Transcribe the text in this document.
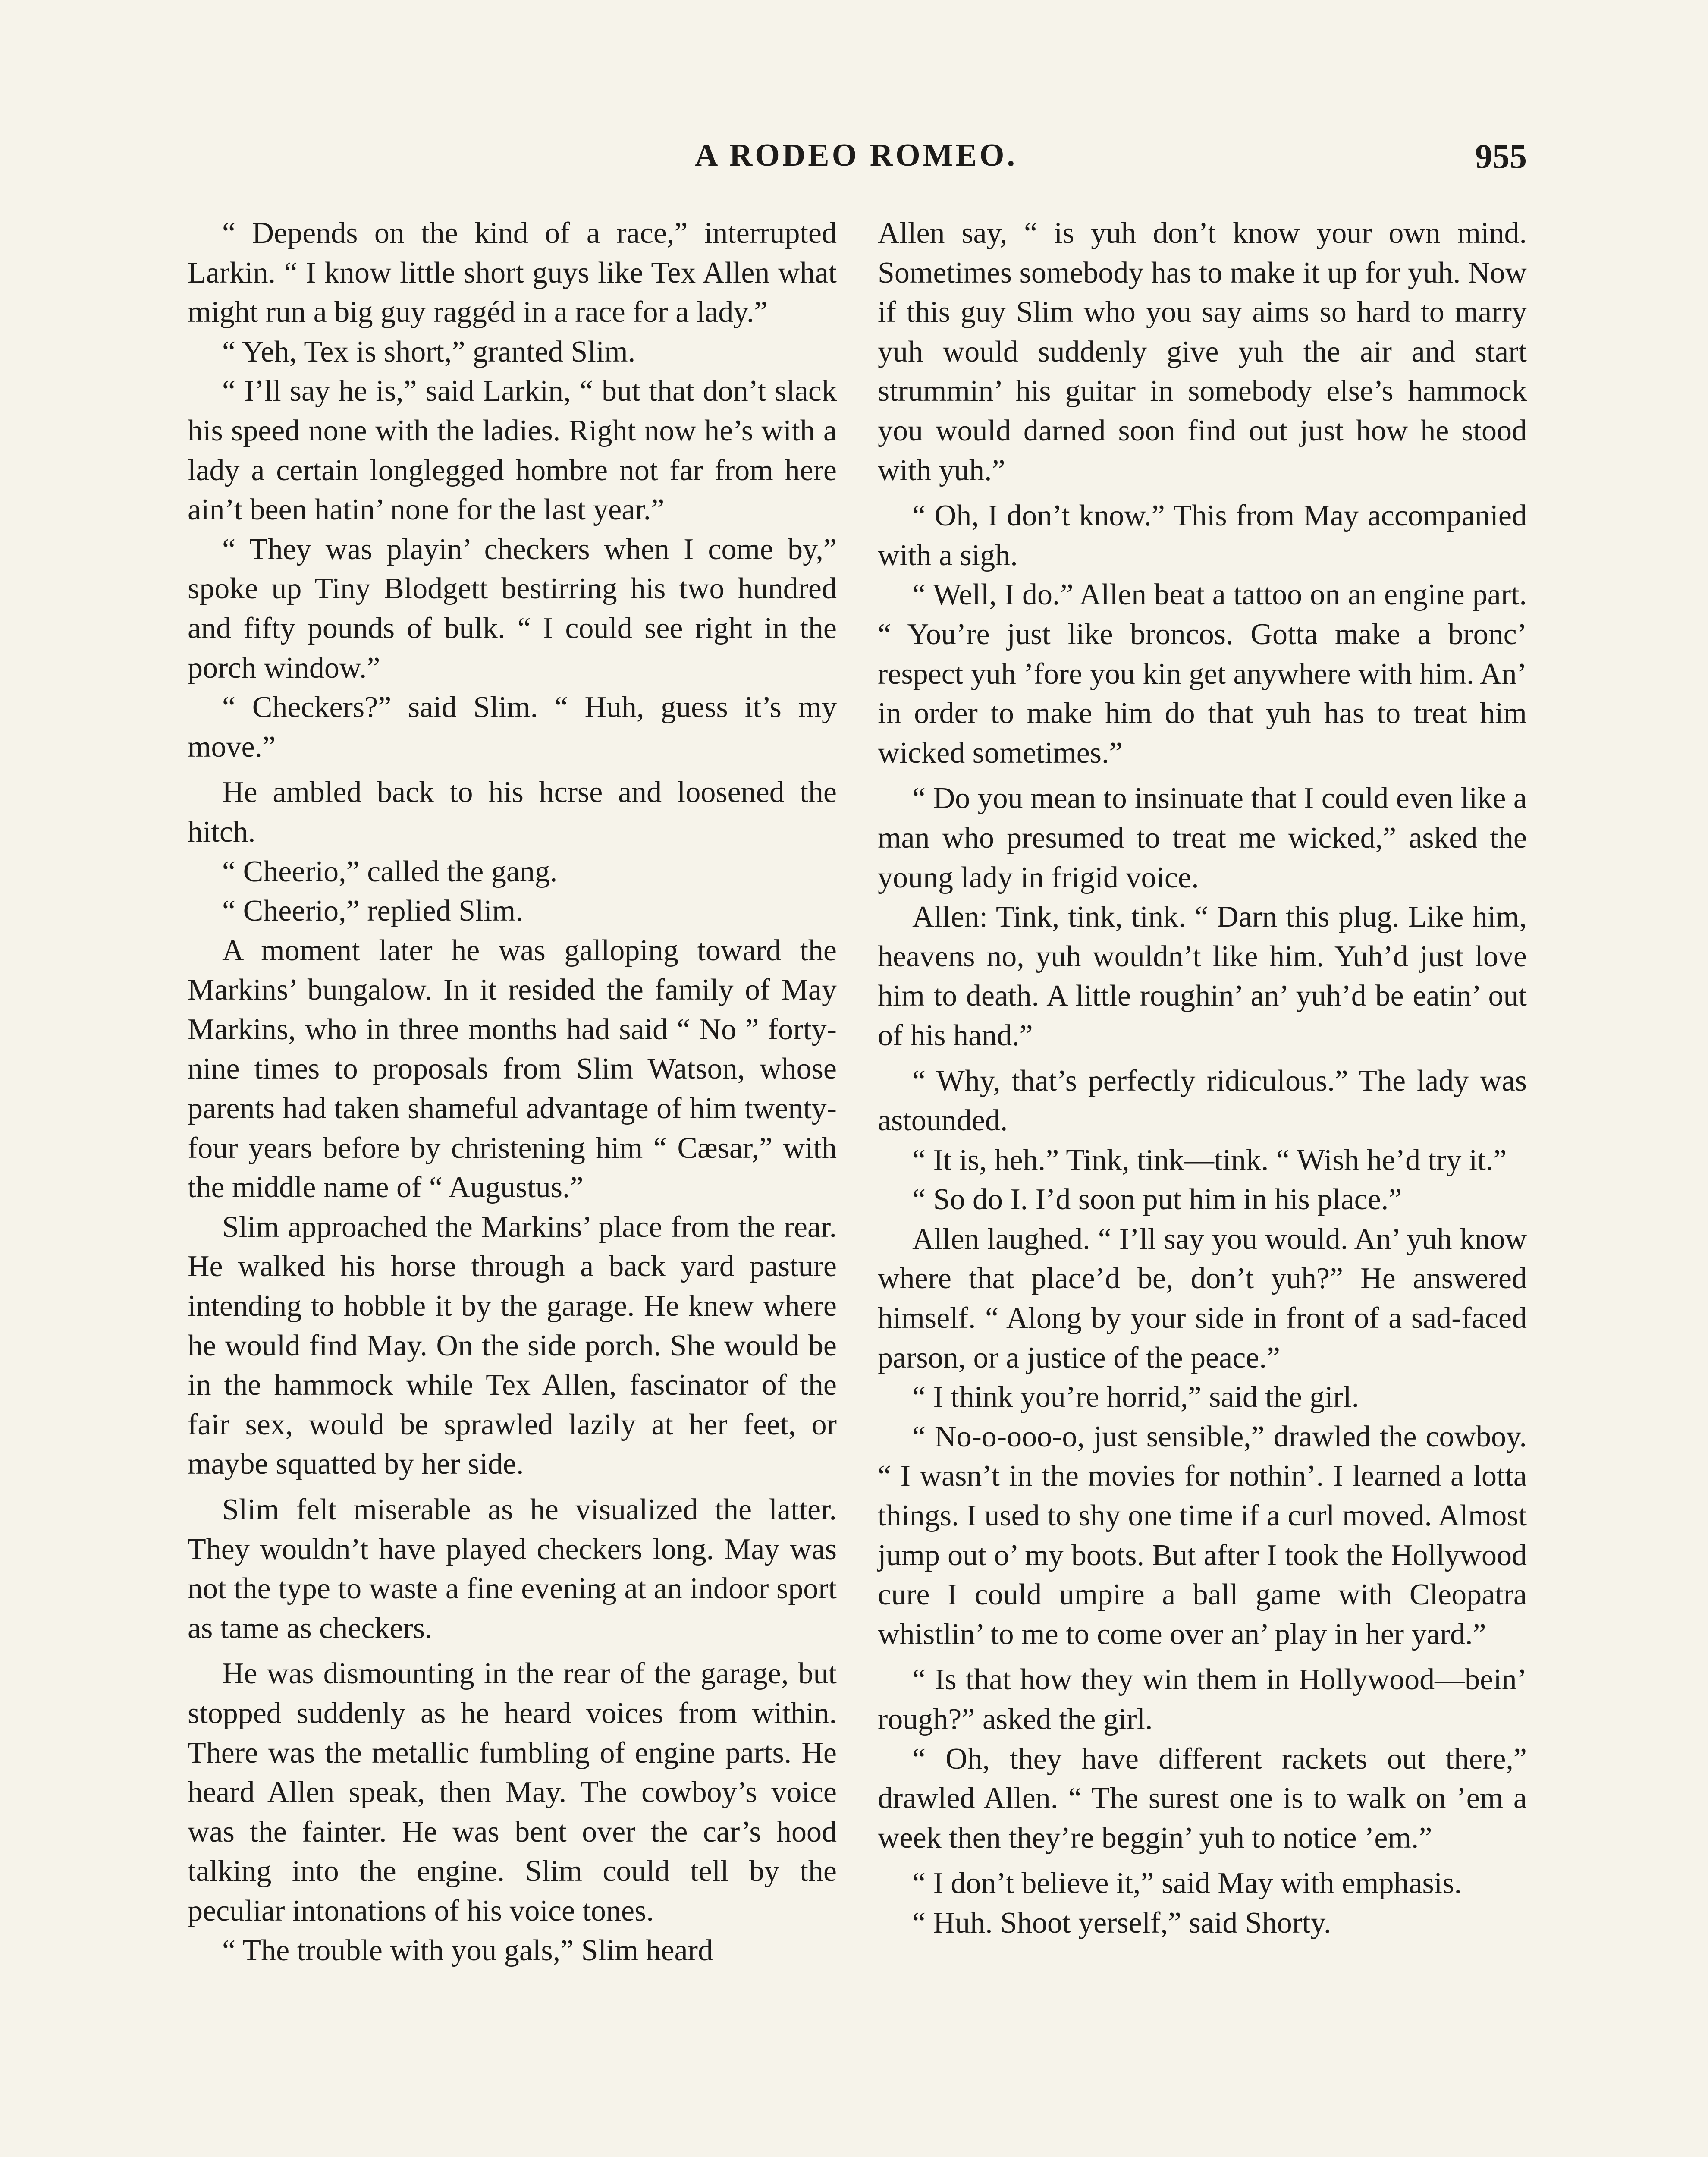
A RODEO ROMEO.	955

“ Depends on the kind of a race,” interrupted Larkin. “ I know little short guys like Tex Allen what might run a big guy raggéd in a race for a lady.”

“ Yeh, Tex is short,” granted Slim.

“ I’ll say he is,” said Larkin, “ but that don’t slack his speed none with the ladies. Right now he’s with a lady a certain longlegged hombre not far from here ain’t been hatin’ none for the last year.”

“ They was playin’ checkers when I come by,” spoke up Tiny Blodgett bestirring his two hundred and fifty pounds of bulk. “ I could see right in the porch window.”

“ Checkers?” said Slim. “ Huh, guess it’s my move.”

He ambled back to his hcrse and loosened the hitch.

“ Cheerio,” called the gang.

“ Cheerio,” replied Slim.

A moment later he was galloping toward the Markins’ bungalow. In it resided the family of May Markins, who in three months had said “ No ” forty-nine times to proposals from Slim Watson, whose parents had taken shameful advantage of him twenty-four years before by christening him “ Cæsar,” with the middle name of “ Augustus.”

Slim approached the Markins’ place from the rear. He walked his horse through a back yard pasture intending to hobble it by the garage. He knew where he would find May. On the side porch. She would be in the hammock while Tex Allen, fascinator of the fair sex, would be sprawled lazily at her feet, or maybe squatted by her side.

Slim felt miserable as he visualized the latter. They wouldn’t have played checkers long. May was not the type to waste a fine evening at an indoor sport as tame as checkers.

He was dismounting in the rear of the garage, but stopped suddenly as he heard voices from within. There was the metallic fumbling of engine parts. He heard Allen speak, then May. The cowboy’s voice was the fainter. He was bent over the car’s hood talking into the engine. Slim could tell by the peculiar intonations of his voice tones.

“ The trouble with you gals,” Slim heard

Allen say, “ is yuh don’t know your own mind. Sometimes somebody has to make it up for yuh. Now if this guy Slim who you say aims so hard to marry yuh would suddenly give yuh the air and start strummin’ his guitar in somebody else’s hammock you would darned soon find out just how he stood with yuh.”

“ Oh, I don’t know.” This from May accompanied with a sigh.

“ Well, I do.” Allen beat a tattoo on an engine part. “ You’re just like broncos. Gotta make a bronc’ respect yuh ’fore you kin get anywhere with him. An’ in order to make him do that yuh has to treat him wicked sometimes.”

“ Do you mean to insinuate that I could even like a man who presumed to treat me wicked,” asked the young lady in frigid voice.

Allen: Tink, tink, tink. “ Darn this plug. Like him, heavens no, yuh wouldn’t like him. Yuh’d just love him to death. A little roughin’ an’ yuh’d be eatin’ out of his hand.”

“ Why, that’s perfectly ridiculous.” The lady was astounded.

“ It is, heh.” Tink, tink—tink. “ Wish he’d try it.”

“ So do I. I’d soon put him in his place.”

Allen laughed. “ I’ll say you would. An’ yuh know where that place’d be, don’t yuh?” He answered himself. “ Along by your side in front of a sad-faced parson, or a justice of the peace.”

“ I think you’re horrid,” said the girl.

“ No-o-ooo-o, just sensible,” drawled the cowboy. “ I wasn’t in the movies for nothin’. I learned a lotta things. I used to shy one time if a curl moved. Almost jump out o’ my boots. But after I took the Hollywood cure I could umpire a ball game with Cleopatra whistlin’ to me to come over an’ play in her yard.”

“ Is that how they win them in Hollywood—bein’ rough?” asked the girl.

“ Oh, they have different rackets out there,” drawled Allen. “ The surest one is to walk on ’em a week then they’re beggin’ yuh to notice ’em.”

“ I don’t believe it,” said May with emphasis.

“ Huh. Shoot yerself,” said Shorty.
